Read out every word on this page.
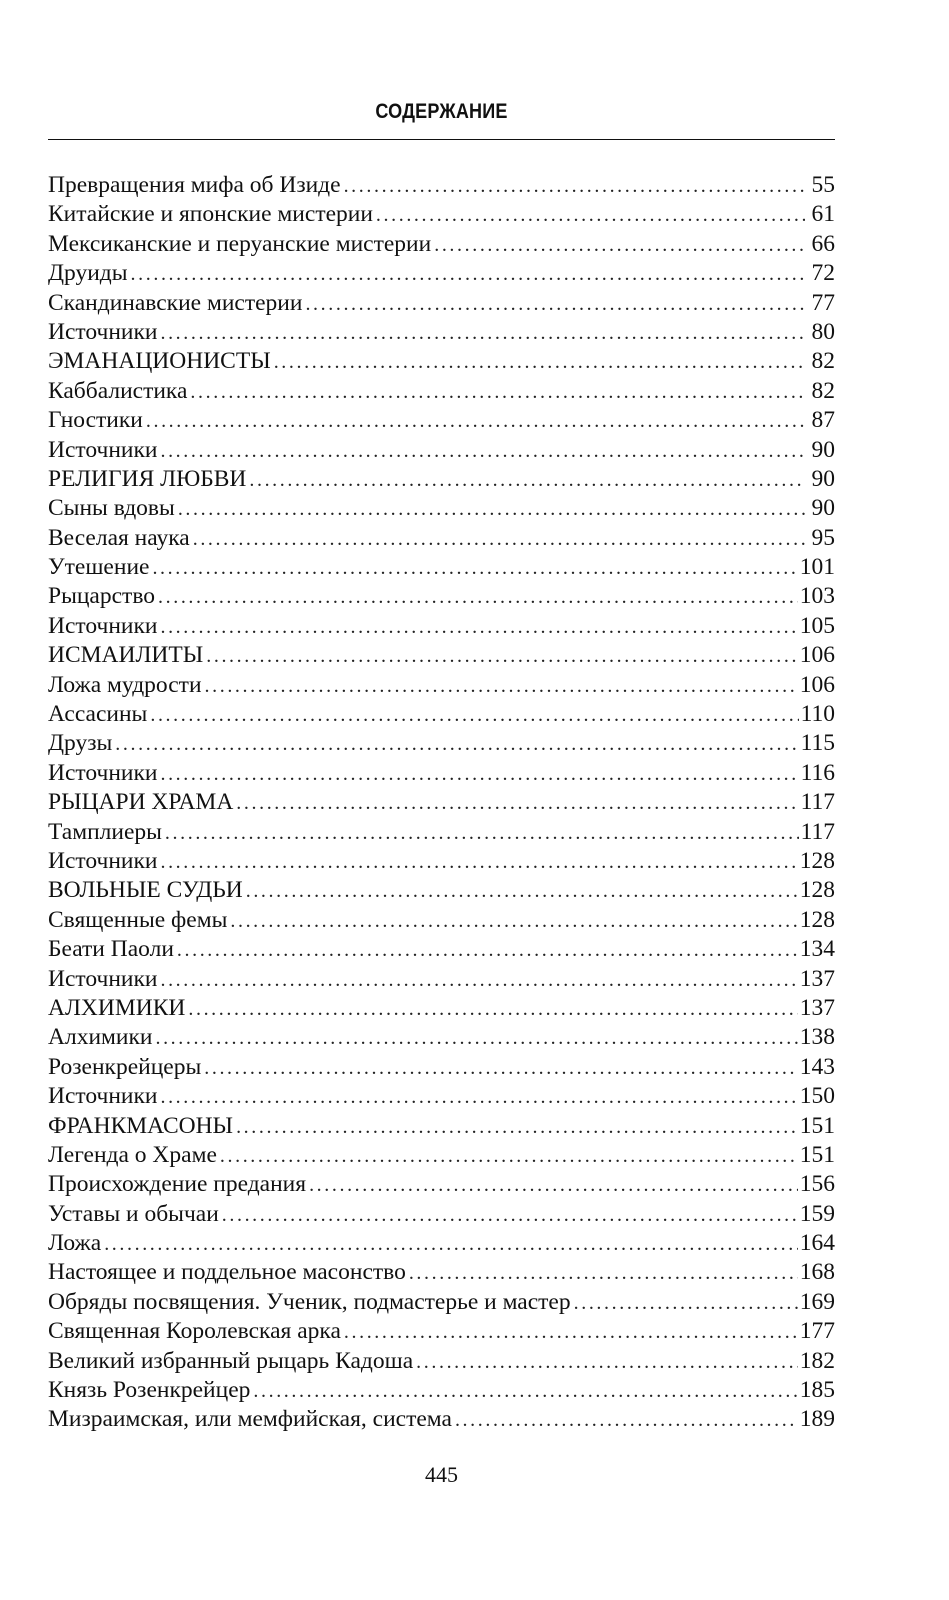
СОДЕРЖАНИЕ
Превращения мифа об Изиде . . .	55
Китайские и японские мистерии . . .	61
Мексиканские и перуанские мистерии . . .	66
Друиды . . .	72
Скандинавские мистерии . . .	77
Источники . . .	80
ЭМАНАЦИОНИСТЫ . . .	82
Каббалистика . . .	82
Гностики . . .	87
Источники . . .	90
РЕЛИГИЯ ЛЮБВИ . . .	90
Сыны вдовы . . .	90
Веселая наука . . .	95
Утешение . . .	101
Рыцарство . . .	103
Источники . . .	105
ИСМАИЛИТЫ . . .	106
Ложа мудрости . . .	106
Ассасины . . .	110
Друзы . . .	115
Источники . . .	116
РЫЦАРИ ХРАМА . . .	117
Тамплиеры . . .	117
Источники . . .	128
ВОЛЬНЫЕ СУДЬИ . . .	128
Священные фемы . . .	128
Беати Паоли . . .	134
Источники . . .	137
АЛХИМИКИ . . .	137
Алхимики . . .	138
Розенкрейцеры . . .	143
Источники . . .	150
ФРАНКМАСОНЫ . . .	151
Легенда о Храме . . .	151
Происхождение предания . . .	156
Уставы и обычаи . . .	159
Ложа . . .	164
Настоящее и поддельное масонство . . .	168
Обряды посвящения. Ученик, подмастерье и мастер . . .	169
Священная Королевская арка . . .	177
Великий избранный рыцарь Кадоша . . .	182
Князь Розенкрейцер . . .	185
Мизраимская, или мемфийская, система . . .	189
445
